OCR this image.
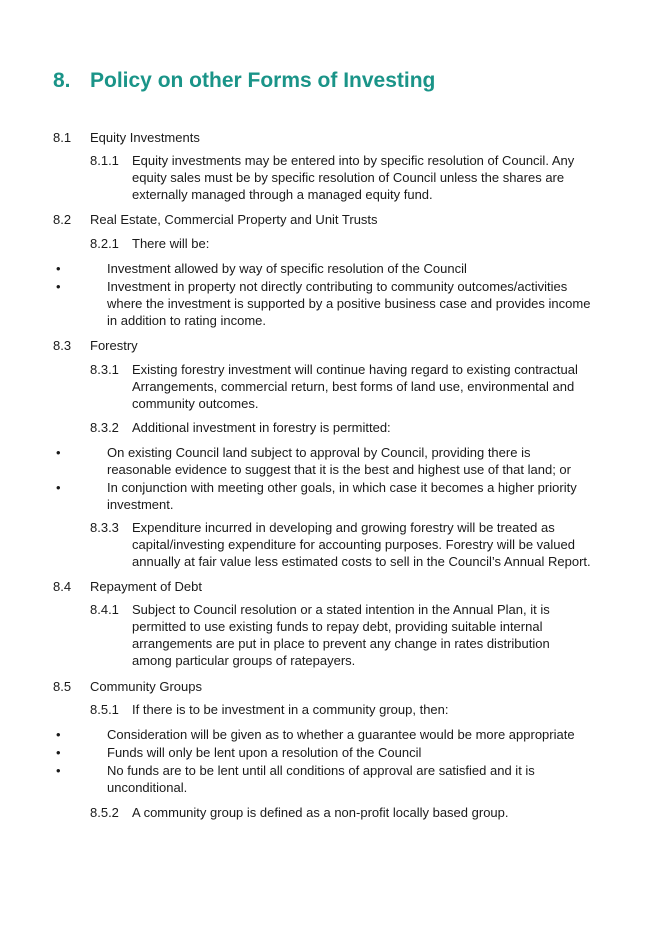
8. Policy on other Forms of Investing
8.1 Equity Investments
8.1.1 Equity investments may be entered into by specific resolution of Council. Any equity sales must be by specific resolution of Council unless the shares are externally managed through a managed equity fund.
8.2 Real Estate, Commercial Property and Unit Trusts
8.2.1 There will be:
•	Investment allowed by way of specific resolution of the Council
•	Investment in property not directly contributing to community outcomes/activities where the investment is supported by a positive business case and provides income in addition to rating income.
8.3 Forestry
8.3.1 Existing forestry investment will continue having regard to existing contractual Arrangements, commercial return, best forms of land use, environmental and community outcomes.
8.3.2 Additional investment in forestry is permitted:
•	On existing Council land subject to approval by Council, providing there is reasonable evidence to suggest that it is the best and highest use of that land; or
•	In conjunction with meeting other goals, in which case it becomes a higher priority investment.
8.3.3 Expenditure incurred in developing and growing forestry will be treated as capital/investing expenditure for accounting purposes. Forestry will be valued annually at fair value less estimated costs to sell in the Council’s Annual Report.
8.4 Repayment of Debt
8.4.1 Subject to Council resolution or a stated intention in the Annual Plan, it is permitted to use existing funds to repay debt, providing suitable internal arrangements are put in place to prevent any change in rates distribution among particular groups of ratepayers.
8.5 Community Groups
8.5.1 If there is to be investment in a community group, then:
•	Consideration will be given as to whether a guarantee would be more appropriate
•	Funds will only be lent upon a resolution of the Council
•	No funds are to be lent until all conditions of approval are satisfied and it is unconditional.
8.5.2 A community group is defined as a non-profit locally based group.
